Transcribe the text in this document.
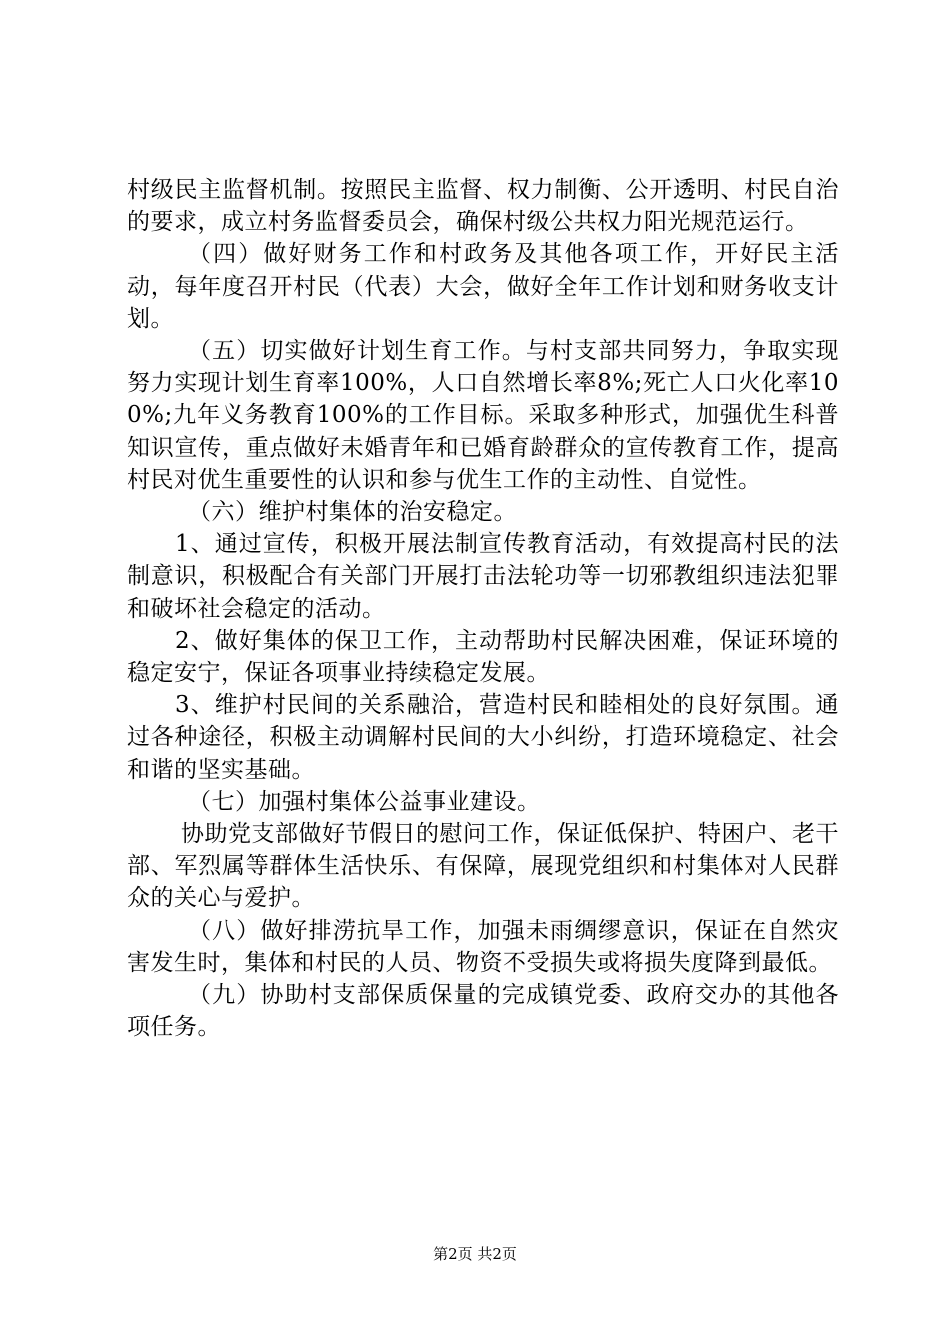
村级民主监督机制。按照民主监督、权力制衡、公开透明、村民自治的要求，成立村务监督委员会，确保村级公共权力阳光规范运行。

（四）做好财务工作和村政务及其他各项工作，开好民主活动，每年度召开村民（代表）大会，做好全年工作计划和财务收支计划。

（五）切实做好计划生育工作。与村支部共同努力，争取实现努力实现计划生育率100%，人口自然增长率8%;死亡人口火化率100%;九年义务教育100%的工作目标。采取多种形式，加强优生科普知识宣传，重点做好未婚青年和已婚育龄群众的宣传教育工作，提高村民对优生重要性的认识和参与优生工作的主动性、自觉性。

（六）维护村集体的治安稳定。

1、通过宣传，积极开展法制宣传教育活动，有效提高村民的法制意识，积极配合有关部门开展打击法轮功等一切邪教组织违法犯罪和破坏社会稳定的活动。

2、做好集体的保卫工作，主动帮助村民解决困难，保证环境的稳定安宁，保证各项事业持续稳定发展。

3、维护村民间的关系融洽，营造村民和睦相处的良好氛围。通过各种途径，积极主动调解村民间的大小纠纷，打造环境稳定、社会和谐的坚实基础。

（七）加强村集体公益事业建设。

协助党支部做好节假日的慰问工作，保证低保护、特困户、老干部、军烈属等群体生活快乐、有保障，展现党组织和村集体对人民群众的关心与爱护。

（八）做好排涝抗旱工作，加强未雨绸缪意识，保证在自然灾害发生时，集体和村民的人员、物资不受损失或将损失度降到最低。

（九）协助村支部保质保量的完成镇党委、政府交办的其他各项任务。

第2页 共2页
